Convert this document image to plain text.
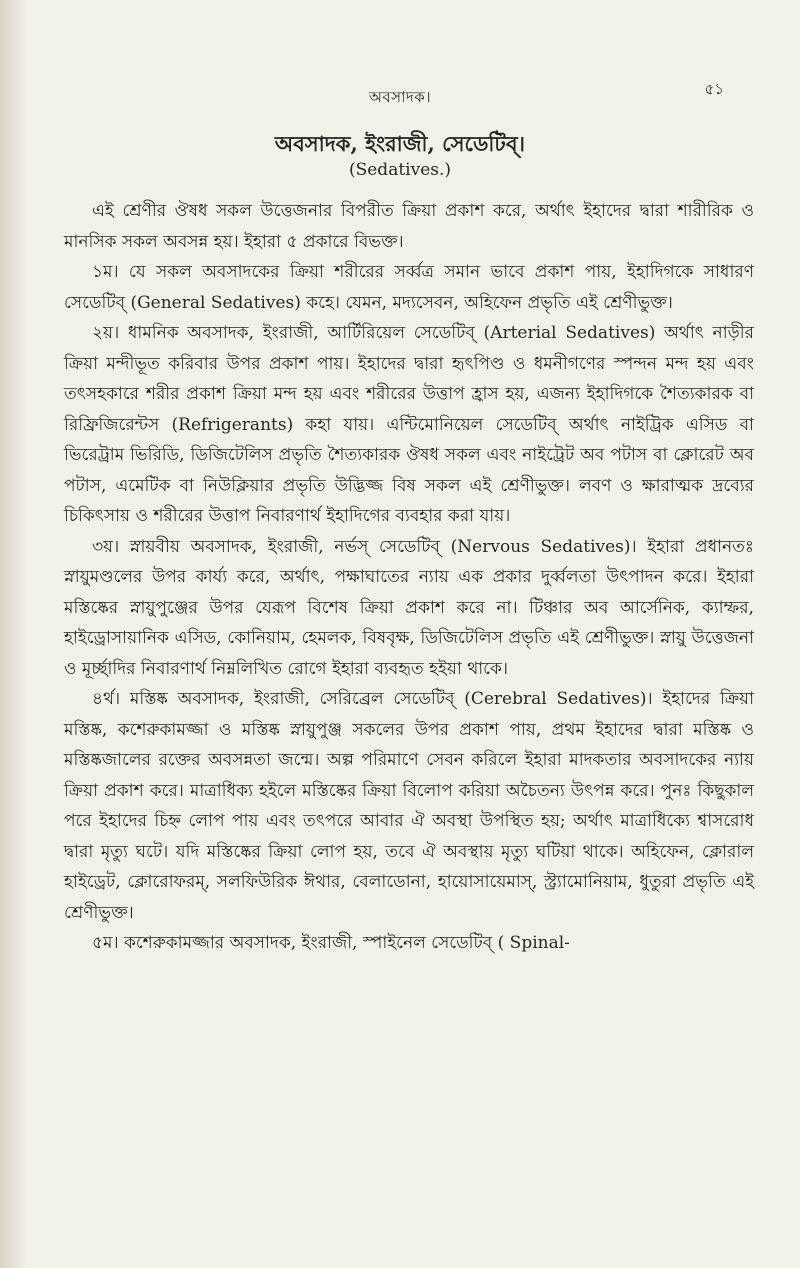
অবসাদক।	৫১
অবসাদক, ইংরাজী, সেডেটিব্‌।
(Sedatives.)

এই শ্রেণীর ঔষধ সকল উত্তেজনার বিপরীত ক্রিয়া প্রকাশ করে, অর্থাৎ ইহাদের দ্বারা শারীরিক ও মানসিক সকল অবসন্ন হয়। ইহারা ৫ প্রকারে বিভক্ত।

১ম। যে সকল অবসাদকের ক্রিয়া শরীরের সর্ব্বত্র সমান ভাবে প্রকাশ পায়, ইহাদিগকে সাধারণ সেডেটিব্‌ (General Sedatives) কহে। যেমন, মদ্যসেবন, অহিফেন প্রভৃতি এই শ্রেণীভুক্ত।

২য়। ধামনিক অবসাদক, ইংরাজী, আর্টিরিয়েল সেডেটিব্‌ (Arterial Sedatives) অর্থাৎ নাড়ীর ক্রিয়া মন্দীভূত করিবার উপর প্রকাশ পায়। ইহাদের দ্বারা হৃৎপিণ্ড ও ধমনীগণের স্পন্দন মন্দ হয় এবং তৎসহকারে শরীর প্রকাশ ক্রিয়া মন্দ হয় এবং শরীরের উত্তাপ হ্রাস হয়, এজন্য ইহাদিগকে শৈত্যকারক বা রিফ্রিজিরেন্টস (Refrigerants) কহা যায়। এন্টিমোনিয়েল সেডেটিব্‌ অর্থাৎ নাইট্রিক এসিড বা ভিরেট্রাম ভিরিডি, ডিজিটেলিস প্রভৃতি শৈত্যকারক ঔষধ সকল এবং নাইট্রেট অব পটাস বা ক্লোরেট অব পটাস, এমেটিক বা নিউক্লিয়ার প্রভৃতি উদ্ভিজ্জ বিষ সকল এই শ্রেণীভুক্ত। লবণ ও ক্ষারাত্মক দ্রব্যের চিকিৎসায় ও শরীরের উত্তাপ নিবারণার্থ ইহাদিগের ব্যবহার করা যায়।

৩য়। স্নায়বীয় অবসাদক, ইংরাজী, নর্ভস্‌ সেডেটিব্‌ (Nervous Sedatives)। ইহারা প্রধানতঃ স্নায়ুমণ্ডলের উপর কার্য্য করে, অর্থাৎ, পক্ষাঘাতের ন্যায় এক প্রকার দুর্ব্বলতা উৎপাদন করে। ইহারা মস্তিষ্কের স্নায়ুপুঞ্জের উপর যেরূপ বিশেষ ক্রিয়া প্রকাশ করে না। টিঞ্চার অব আর্সেনিক, ক্যাম্ফর, হাইড্রোসায়ানিক এসিড, কোনিয়াম, হেমলক, বিষবৃক্ষ, ডিজিটেলিস প্রভৃতি এই শ্রেণীভুক্ত। স্নায়ু উত্তেজনা ও মূর্চ্ছাদির নিবারণার্থ নিম্নলিখিত রোগে ইহারা ব্যবহৃত হইয়া থাকে।

৪র্থ। মস্তিষ্ক অবসাদক, ইংরাজী, সেরিব্রেল সেডেটিব্‌ (Cerebral Sedatives)। ইহাদের ক্রিয়া মস্তিষ্ক, কশেরুকামজ্জা ও মস্তিষ্ক স্নায়ুপুঞ্জ সকলের উপর প্রকাশ পায়, প্রথম ইহাদের দ্বারা মস্তিষ্ক ও মস্তিষ্কজালের রক্তের অবসন্নতা জন্মে। অল্প পরিমাণে সেবন করিলে ইহারা মাদকতার অবসাদকের ন্যায় ক্রিয়া প্রকাশ করে। মাত্রাধিক্য হইলে মস্তিষ্কের ক্রিয়া বিলোপ করিয়া অচৈতন্য উৎপন্ন করে। পুনঃ কিছুকাল পরে ইহাদের চিহ্ন লোপ পায় এবং তৎপরে আবার ঐ অবস্থা উপস্থিত হয়; অর্থাৎ মাত্রাধিক্যে শ্বাসরোধ দ্বারা মৃত্যু ঘটে। যদি মস্তিষ্কের ক্রিয়া লোপ হয়, তবে ঐ অবস্থায় মৃত্যু ঘটিয়া থাকে। অহিফেন, ক্লোরাল হাইড্রেট, ক্লোরোফরম্‌, সলফিউরিক ঈথার, বেলাডোনা, হায়োসায়েমাস্‌, স্ট্র্যামোনিয়াম, ধুতুরা প্রভৃতি এই শ্রেণীভুক্ত।

৫ম। কশেরুকামজ্জার অবসাদক, ইংরাজী, স্পাইনেল সেডেটিব্‌ ( Spinal-
